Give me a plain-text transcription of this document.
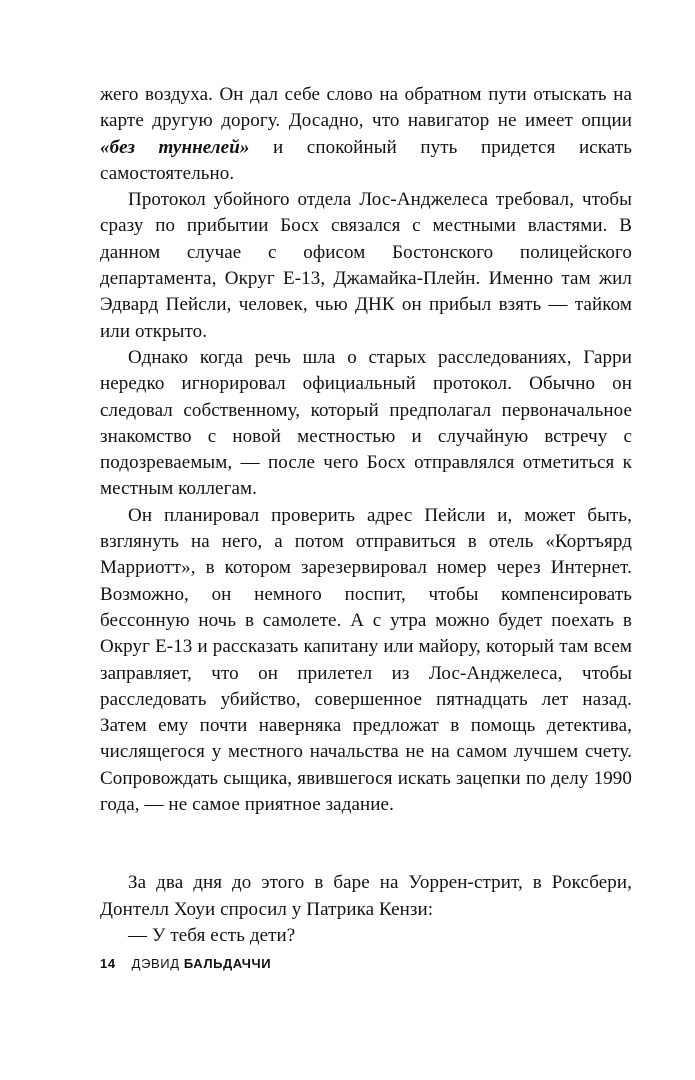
жего воздуха. Он дал себе слово на обратном пути отыскать на карте другую дорогу. Досадно, что навигатор не имеет опции «без туннелей» и спокойный путь придется искать самостоятельно.

Протокол убойного отдела Лос-Анджелеса требовал, чтобы сразу по прибытии Босх связался с местными властями. В данном случае с офисом Бостонского полицейского департамента, Округ Е-13, Джамайка-Плейн. Именно там жил Эдвард Пейсли, человек, чью ДНК он прибыл взять — тайком или открыто.

Однако когда речь шла о старых расследованиях, Гарри нередко игнорировал официальный протокол. Обычно он следовал собственному, который предполагал первоначальное знакомство с новой местностью и случайную встречу с подозреваемым, — после чего Босх отправлялся отметиться к местным коллегам.

Он планировал проверить адрес Пейсли и, может быть, взглянуть на него, а потом отправиться в отель «Кортъярд Марриотт», в котором зарезервировал номер через Интернет. Возможно, он немного поспит, чтобы компенсировать бессонную ночь в самолете. А с утра можно будет поехать в Округ Е-13 и рассказать капитану или майору, который там всем заправляет, что он прилетел из Лос-Анджелеса, чтобы расследовать убийство, совершенное пятнадцать лет назад. Затем ему почти наверняка предложат в помощь детектива, числящегося у местного начальства не на самом лучшем счету. Сопровождать сыщика, явившегося искать зацепки по делу 1990 года, — не самое приятное задание.

За два дня до этого в баре на Уоррен-стрит, в Роксбери, Донтелл Хоуи спросил у Патрика Кензи:

— У тебя есть дети?

14 ДЭВИД БАЛЬДАЧЧИ
